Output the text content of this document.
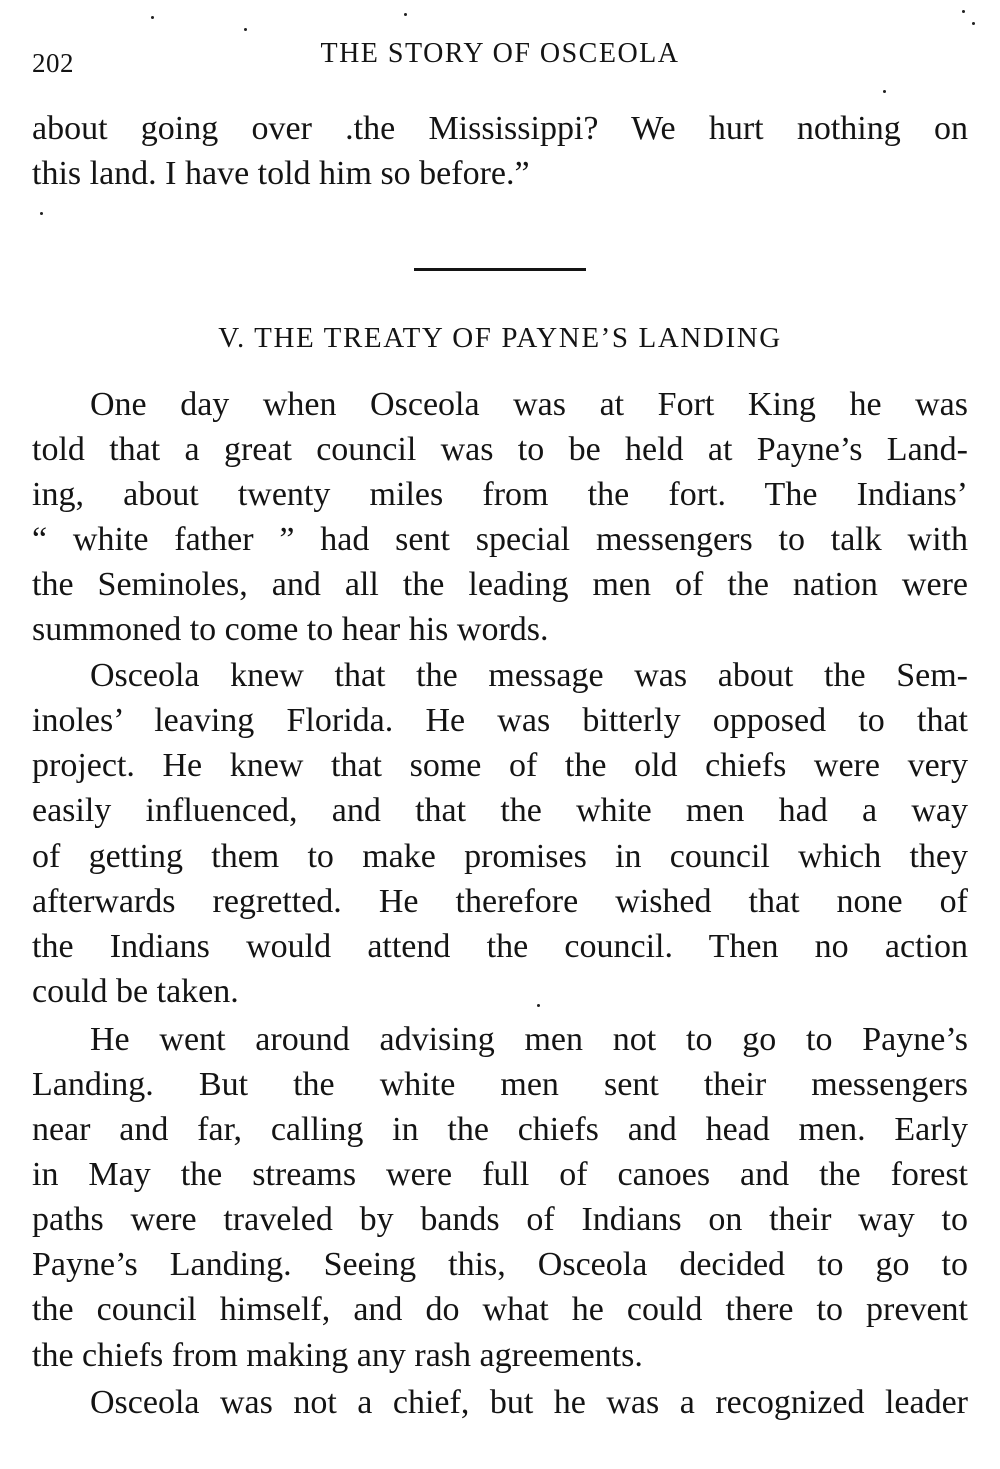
202	THE STORY OF OSCEOLA
about going over .the Mississippi? We hurt nothing on
this land. I have told him so before.”
V. THE TREATY OF PAYNE’S LANDING
One day when Osceola was at Fort King he was
told that a great council was to be held at Payne’s Land-
ing, about twenty miles from the fort. The Indians’
“ white father ” had sent special messengers to talk with
the Seminoles, and all the leading men of the nation were
summoned to come to hear his words.
Osceola knew that the message was about the Sem-
inoles’ leaving Florida. He was bitterly opposed to that
project. He knew that some of the old chiefs were very
easily influenced, and that the white men had a way
of getting them to make promises in council which they
afterwards regretted. He therefore wished that none of
the Indians would attend the council. Then no action
could be taken.
He went around advising men not to go to Payne’s
Landing. But the white men sent their messengers
near and far, calling in the chiefs and head men. Early
in May the streams were full of canoes and the forest
paths were traveled by bands of Indians on their way to
Payne’s Landing. Seeing this, Osceola decided to go to
the council himself, and do what he could there to prevent
the chiefs from making any rash agreements.
Osceola was not a chief, but he was a recognized leader
